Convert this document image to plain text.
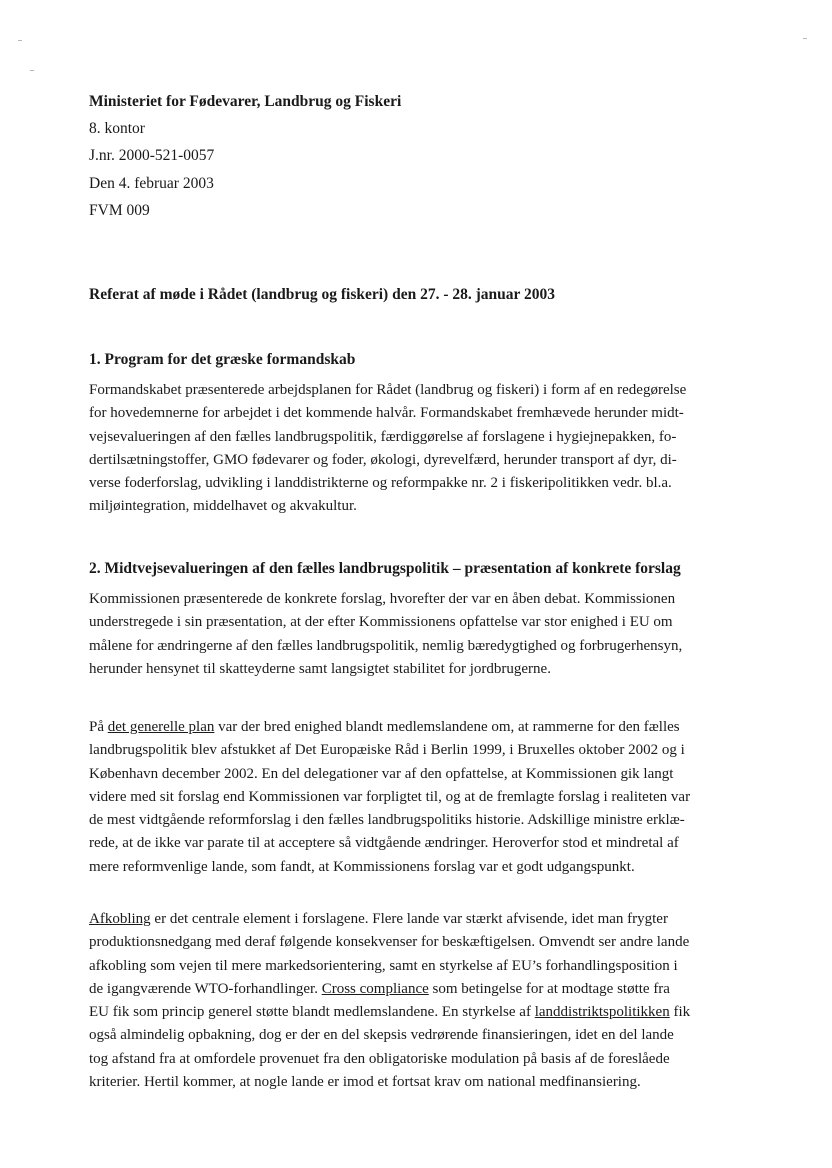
Ministeriet for Fødevarer, Landbrug og Fiskeri
8. kontor
J.nr. 2000-521-0057
Den 4. februar 2003
FVM 009
Referat af møde i Rådet (landbrug og fiskeri) den 27. - 28. januar 2003
1. Program for det græske formandskab

Formandskabet præsenterede arbejdsplanen for Rådet (landbrug og fiskeri) i form af en redegørelse
for hovedemnerne for arbejdet i det kommende halvår. Formandskabet fremhævede herunder midt-
vejsevalueringen af den fælles landbrugspolitik, færdiggørelse af forslagene i hygiejnepakken, fo-
dertilsætningstoffer, GMO fødevarer og foder, økologi, dyrevelfærd, herunder transport af dyr, di-
verse foderforslag, udvikling i landdistrikterne og reformpakke nr. 2 i fiskeripolitikken vedr. bl.a.
miljøintegration, middelhavet og akvakultur.

2. Midtvejsevalueringen af den fælles landbrugspolitik – præsentation af konkrete forslag

Kommissionen præsenterede de konkrete forslag, hvorefter der var en åben debat. Kommissionen
understregede i sin præsentation, at der efter Kommissionens opfattelse var stor enighed i EU om
målene for ændringerne af den fælles landbrugspolitik, nemlig bæredygtighed og forbrugerhensyn,
herunder hensynet til skatteyderne samt langsigtet stabilitet for jordbrugerne.

På det generelle plan var der bred enighed blandt medlemslandene om, at rammerne for den fælles
landbrugspolitik blev afstukket af Det Europæiske Råd i Berlin 1999, i Bruxelles oktober 2002 og i
København december 2002. En del delegationer var af den opfattelse, at Kommissionen gik langt
videre med sit forslag end Kommissionen var forpligtet til, og at de fremlagte forslag i realiteten var
de mest vidtgående reformforslag i den fælles landbrugspolitiks historie. Adskillige ministre erklæ-
rede, at de ikke var parate til at acceptere så vidtgående ændringer. Heroverfor stod et mindretal af
mere reformvenlige lande, som fandt, at Kommissionens forslag var et godt udgangspunkt.

Afkobling er det centrale element i forslagene. Flere lande var stærkt afvisende, idet man frygter
produktionsnedgang med deraf følgende konsekvenser for beskæftigelsen. Omvendt ser andre lande
afkobling som vejen til mere markedsorientering, samt en styrkelse af EU’s forhandlingsposition i
de igangværende WTO-forhandlinger. Cross compliance som betingelse for at modtage støtte fra
EU fik som princip generel støtte blandt medlemslandene. En styrkelse af landdistriktspolitikken fik
også almindelig opbakning, dog er der en del skepsis vedrørende finansieringen, idet en del lande
tog afstand fra at omfordele provenuet fra den obligatoriske modulation på basis af de foreslåede
kriterier. Hertil kommer, at nogle lande er imod et fortsat krav om national medfinansiering.
